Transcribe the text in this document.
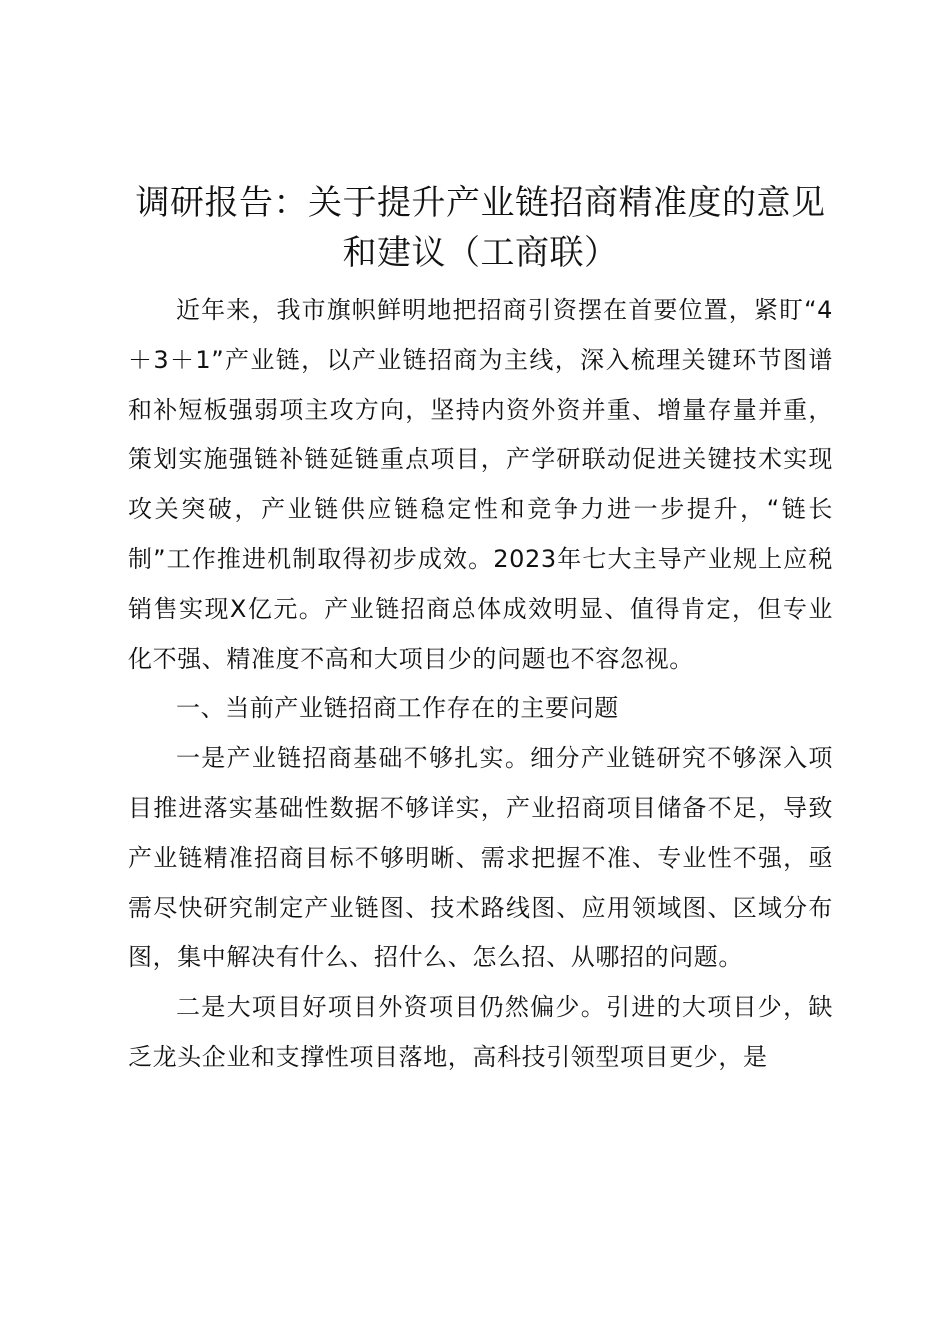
调研报告：关于提升产业链招商精准度的意见和建议（工商联）

近年来，我市旗帜鲜明地把招商引资摆在首要位置，紧盯“4＋3＋1”产业链，以产业链招商为主线，深入梳理关键环节图谱和补短板强弱项主攻方向，坚持内资外资并重、增量存量并重，策划实施强链补链延链重点项目，产学研联动促进关键技术实现攻关突破，产业链供应链稳定性和竞争力进一步提升，“链长制”工作推进机制取得初步成效。2023年七大主导产业规上应税销售实现X亿元。产业链招商总体成效明显、值得肯定，但专业化不强、精准度不高和大项目少的问题也不容忽视。

一、当前产业链招商工作存在的主要问题

一是产业链招商基础不够扎实。细分产业链研究不够深入项目推进落实基础性数据不够详实，产业招商项目储备不足，导致产业链精准招商目标不够明晰、需求把握不准、专业性不强，亟需尽快研究制定产业链图、技术路线图、应用领域图、区域分布图，集中解决有什么、招什么、怎么招、从哪招的问题。

二是大项目好项目外资项目仍然偏少。引进的大项目少，缺乏龙头企业和支撑性项目落地，高科技引领型项目更少，是
